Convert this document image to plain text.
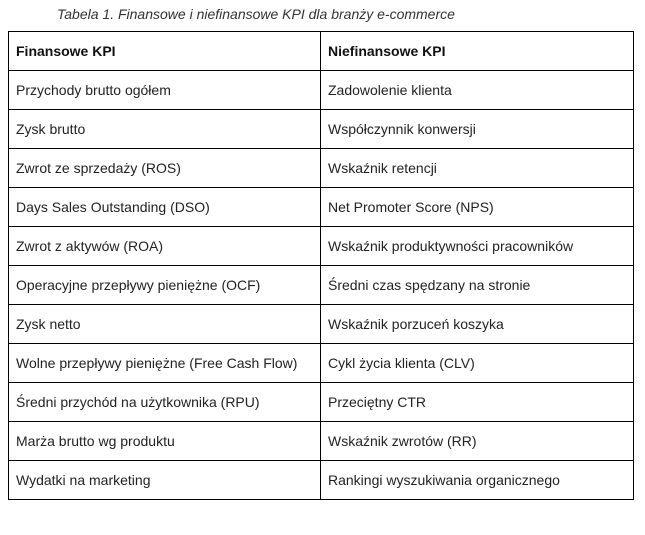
Tabela 1. Finansowe i niefinansowe KPI dla branży e-commerce
Finansowe KPI	Niefinansowe KPI
Przychody brutto ogółem	Zadowolenie klienta
Zysk brutto	Współczynnik konwersji
Zwrot ze sprzedaży (ROS)	Wskaźnik retencji
Days Sales Outstanding (DSO)	Net Promoter Score (NPS)
Zwrot z aktywów (ROA)	Wskaźnik produktywności pracowników
Operacyjne przepływy pieniężne (OCF)	Średni czas spędzany na stronie
Zysk netto	Wskaźnik porzuceń koszyka
Wolne przepływy pieniężne (Free Cash Flow)	Cykl życia klienta (CLV)
Średni przychód na użytkownika (RPU)	Przeciętny CTR
Marża brutto wg produktu	Wskaźnik zwrotów (RR)
Wydatki na marketing	Rankingi wyszukiwania organicznego
